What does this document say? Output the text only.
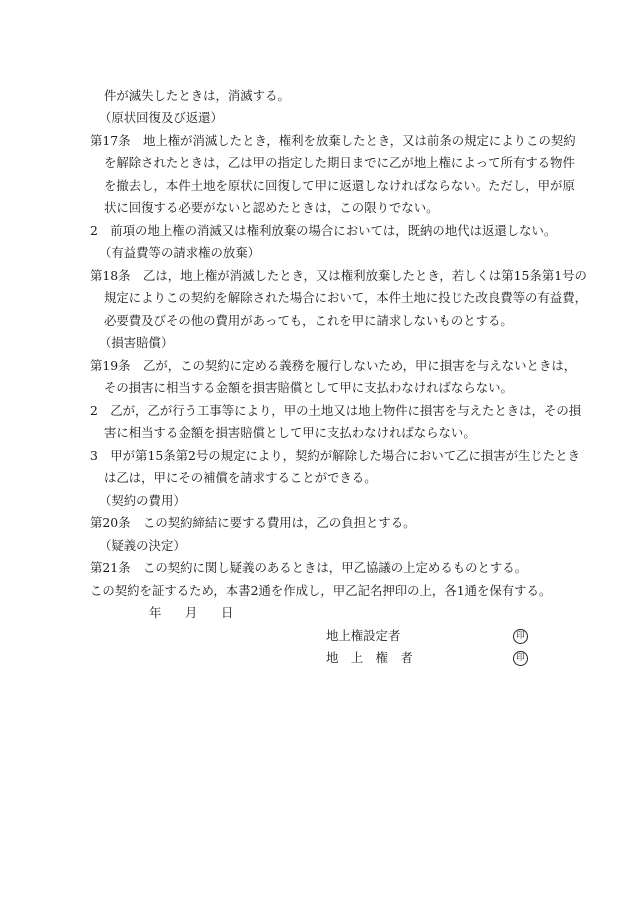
件が滅失したときは，消滅する。
（原状回復及び返還）
第17条　地上権が消滅したとき，権利を放棄したとき，又は前条の規定によりこの契約
を解除されたときは，乙は甲の指定した期日までに乙が地上権によって所有する物件
を撤去し，本件土地を原状に回復して甲に返還しなければならない。ただし，甲が原
状に回復する必要がないと認めたときは，この限りでない。
2　前項の地上権の消滅又は権利放棄の場合においては，既納の地代は返還しない。
（有益費等の請求権の放棄）
第18条　乙は，地上権が消滅したとき，又は権利放棄したとき，若しくは第15条第1号の
規定によりこの契約を解除された場合において，本件土地に投じた改良費等の有益費，
必要費及びその他の費用があっても，これを甲に請求しないものとする。
（損害賠償）
第19条　乙が，この契約に定める義務を履行しないため，甲に損害を与えないときは，
その損害に相当する金額を損害賠償として甲に支払わなければならない。
2　乙が，乙が行う工事等により，甲の土地又は地上物件に損害を与えたときは，その損
害に相当する金額を損害賠償として甲に支払わなければならない。
3　甲が第15条第2号の規定により，契約が解除した場合において乙に損害が生じたとき
は乙は，甲にその補償を請求することができる。
（契約の費用）
第20条　この契約締結に要する費用は，乙の負担とする。
（疑義の決定）
第21条　この契約に関し疑義のあるときは，甲乙協議の上定めるものとする。
この契約を証するため，本書2通を作成し，甲乙記名押印の上，各1通を保有する。
年 月 日
地上権設定者	印
地　上　権　者	印
